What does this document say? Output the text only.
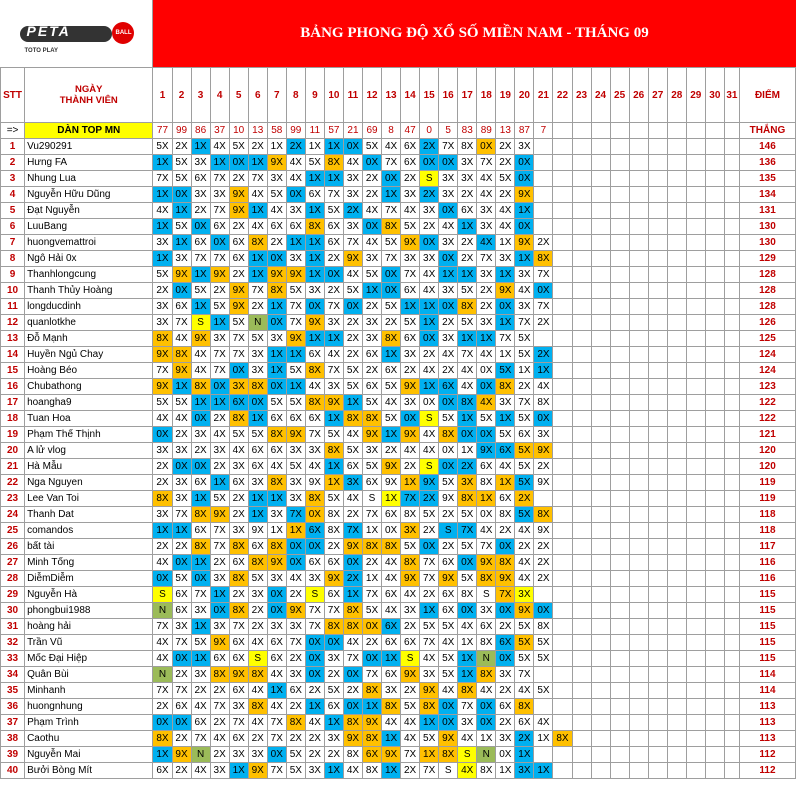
PETA BALL
TOTO PLAY		BẢNG PHONG ĐỘ XỔ SỐ MIỀN NAM - THÁNG 09																															
STT	NGÀY
THÀNH VIÊN	1	2	3	4	5	6	7	8	9	10	11	12	13	14	15	16	17	18	19	20	21	22	23	24	25	26	27	28	29	30	31	ĐIỂM
=>	DÀN TOP MN	77	99	86	37	10	13	58	99	11	57	21	69	8	47	0	5	83	89	13	87	7											THẮNG
1	Vu290291	5X	2X	1X	4X	5X	2X	1X	2X	1X	1X	0X	5X	4X	6X	2X	7X	8X	0X	2X	3X												146
2	Hưng FA	1X	5X	3X	1X	0X	1X	9X	4X	5X	8X	4X	0X	7X	6X	0X	0X	3X	7X	2X	0X												136
3	Nhung Lua	7X	5X	6X	7X	2X	7X	3X	4X	1X	1X	3X	2X	0X	2X	S	3X	3X	4X	5X	0X												135
4	Nguyễn Hữu Dũng	1X	0X	3X	3X	9X	4X	5X	0X	6X	7X	3X	2X	1X	3X	2X	3X	2X	4X	2X	9X												134
5	Đạt Nguyễn	4X	1X	2X	7X	9X	1X	4X	3X	1X	5X	2X	4X	7X	4X	3X	0X	6X	3X	4X	1X												131
6	LuuBang	1X	5X	0X	6X	2X	4X	6X	6X	8X	6X	3X	0X	8X	5X	2X	4X	1X	3X	4X	0X												130
7	huongvemattroi	3X	1X	6X	0X	6X	8X	2X	1X	1X	6X	7X	4X	5X	9X	0X	3X	2X	4X	1X	9X	2X											130
8	Ngô Hải 0x	1X	3X	7X	7X	6X	1X	0X	3X	1X	2X	9X	3X	7X	3X	3X	0X	2X	7X	3X	1X	8X											129
9	Thanhlongcung	5X	9X	1X	9X	2X	1X	9X	9X	1X	0X	4X	5X	0X	7X	4X	1X	1X	3X	1X	3X	7X											128
10	Thanh Thủy Hoàng	2X	0X	5X	2X	9X	7X	8X	5X	3X	2X	5X	1X	0X	6X	4X	3X	5X	2X	9X	4X	0X											128
11	longducdinh	3X	6X	1X	5X	9X	2X	1X	7X	0X	7X	0X	2X	5X	1X	1X	0X	8X	2X	0X	3X	7X											128
12	quanlotkhe	3X	7X	S	1X	5X	N	0X	7X	9X	3X	2X	3X	2X	5X	1X	2X	5X	3X	1X	7X	2X											126
13	Đỗ Mạnh	8X	4X	9X	3X	7X	5X	3X	9X	1X	1X	2X	3X	8X	6X	0X	3X	1X	1X	7X	5X												125
14	Huyền Ngủ Chay	9X	8X	4X	7X	7X	3X	1X	1X	6X	4X	2X	6X	1X	3X	2X	4X	7X	4X	1X	5X	2X											124
15	Hoàng Béo	7X	9X	4X	7X	0X	3X	1X	5X	8X	7X	5X	2X	6X	2X	4X	2X	4X	0X	5X	1X	1X											124
16	Chubathong	9X	1X	8X	0X	3X	8X	0X	1X	4X	3X	5X	6X	5X	9X	1X	6X	4X	0X	8X	2X	4X											123
17	hoangha9	5X	5X	1X	1X	6X	0X	5X	5X	8X	9X	1X	5X	4X	3X	0X	0X	8X	4X	3X	7X	8X											122
18	Tuan Hoa	4X	4X	0X	2X	8X	1X	6X	6X	6X	1X	8X	8X	5X	0X	S	5X	1X	5X	1X	5X	0X											122
19	Phạm Thế Thịnh	0X	2X	3X	4X	5X	5X	8X	9X	7X	5X	4X	9X	1X	9X	4X	8X	0X	0X	5X	6X	3X											121
20	A lử vlog	3X	3X	2X	3X	4X	6X	6X	3X	3X	8X	5X	3X	2X	4X	4X	0X	1X	9X	6X	5X	9X											120
21	Hà Mẫu	2X	0X	0X	2X	3X	6X	4X	5X	4X	1X	6X	5X	9X	2X	S	0X	2X	6X	4X	5X	2X											120
22	Nga Nguyen	2X	3X	6X	1X	6X	3X	8X	3X	9X	1X	3X	6X	9X	1X	9X	5X	3X	8X	1X	5X	9X											119
23	Lee Van Toi	8X	3X	1X	5X	2X	1X	1X	3X	8X	5X	4X	S	1X	7X	2X	9X	8X	1X	6X	2X												119
24	Thanh Dat	3X	7X	8X	9X	2X	1X	3X	7X	0X	8X	2X	7X	6X	8X	5X	2X	5X	0X	8X	5X	8X											118
25	comandos	1X	1X	6X	7X	3X	9X	1X	1X	6X	8X	7X	1X	0X	3X	2X	S	7X	4X	2X	4X	9X											118
26	bất tài	2X	2X	8X	7X	8X	6X	8X	0X	0X	2X	9X	8X	8X	5X	0X	2X	5X	7X	0X	2X	2X											117
27	Minh Tống	4X	0X	1X	2X	6X	8X	9X	0X	6X	6X	0X	2X	4X	8X	7X	6X	0X	9X	8X	4X	2X											116
28	DiễmDiễm	0X	5X	0X	3X	8X	5X	3X	4X	3X	9X	2X	1X	4X	9X	7X	9X	5X	8X	9X	4X	2X											116
29	Nguyễn Hà	S	6X	7X	1X	2X	3X	0X	2X	S	6X	1X	7X	6X	4X	2X	6X	8X	S	7X	3X												115
30	phongbui1988	N	6X	3X	0X	8X	2X	0X	9X	7X	7X	8X	5X	4X	3X	1X	6X	0X	3X	0X	9X	0X											115
31	hoàng hải	7X	3X	1X	3X	7X	2X	3X	3X	7X	8X	8X	0X	6X	2X	5X	5X	4X	6X	2X	5X	8X											115
32	Trần Vũ	4X	7X	5X	9X	6X	4X	6X	7X	0X	0X	4X	2X	6X	6X	7X	4X	1X	8X	6X	5X	5X											115
33	Mốc Đại Hiệp	4X	0X	1X	6X	6X	S	6X	2X	0X	3X	7X	0X	1X	S	4X	5X	1X	N	0X	5X	5X											115
34	Quân Bùi	N	2X	3X	8X	9X	8X	4X	3X	0X	2X	0X	7X	6X	9X	3X	5X	1X	8X	3X	7X												114
35	Minhanh	7X	7X	2X	2X	6X	4X	1X	6X	2X	5X	2X	8X	3X	2X	9X	4X	8X	4X	2X	4X	5X											114
36	huongnhung	2X	6X	4X	7X	3X	8X	4X	2X	1X	6X	0X	1X	8X	5X	8X	0X	7X	0X	6X	8X												113
37	Phạm Trình	0X	0X	6X	2X	7X	4X	7X	8X	4X	1X	8X	9X	4X	4X	1X	0X	3X	0X	2X	6X	4X											113
38	Caothu	8X	2X	7X	4X	6X	2X	7X	2X	2X	3X	9X	8X	1X	4X	5X	9X	4X	1X	3X	2X	1X	8X										113
39	Nguyễn Mai	1X	9X	N	2X	3X	3X	0X	5X	2X	2X	8X	6X	9X	7X	1X	8X	S	N	0X	1X												112
40	Bưởi Bòng Mít	6X	2X	4X	3X	1X	9X	7X	5X	3X	1X	4X	8X	1X	2X	7X	S	4X	8X	1X	3X	1X											112
